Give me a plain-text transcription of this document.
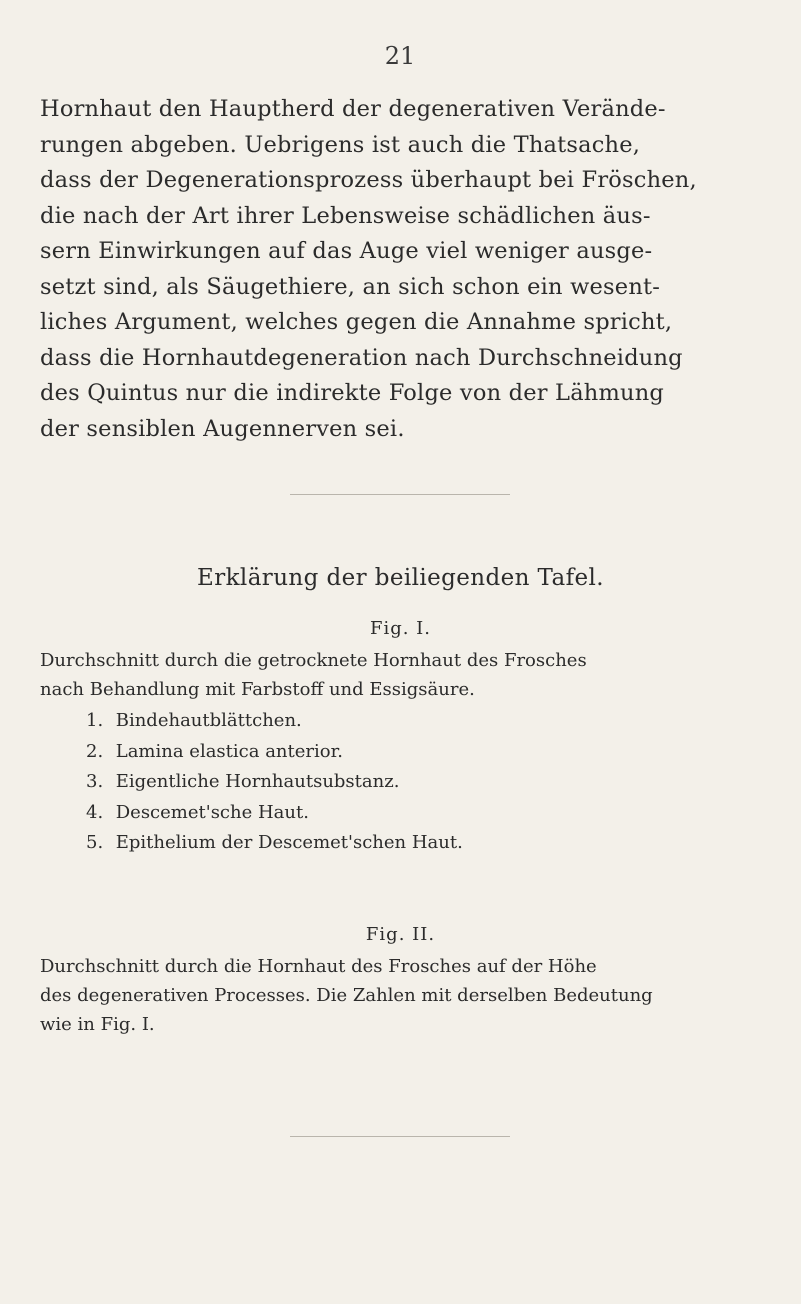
21
Hornhaut den Hauptherd der degenerativen Verände-
rungen abgeben. Uebrigens ist auch die Thatsache,
dass der Degenerationsprozess überhaupt bei Fröschen,
die nach der Art ihrer Lebensweise schädlichen äus-
sern Einwirkungen auf das Auge viel weniger ausge-
setzt sind, als Säugethiere, an sich schon ein wesent-
liches Argument, welches gegen die Annahme spricht,
dass die Hornhautdegeneration nach Durchschneidung
des Quintus nur die indirekte Folge von der Lähmung
der sensiblen Augennerven sei.
Erklärung der beiliegenden Tafel.
Fig. I.
Durchschnitt durch die getrocknete Hornhaut des Frosches
nach Behandlung mit Farbstoff und Essigsäure.
1. Bindehautblättchen.
2. Lamina elastica anterior.
3. Eigentliche Hornhautsubstanz.
4. Descemet'sche Haut.
5. Epithelium der Descemet'schen Haut.
Fig. II.
Durchschnitt durch die Hornhaut des Frosches auf der Höhe
des degenerativen Processes. Die Zahlen mit derselben Bedeutung
wie in Fig. I.
